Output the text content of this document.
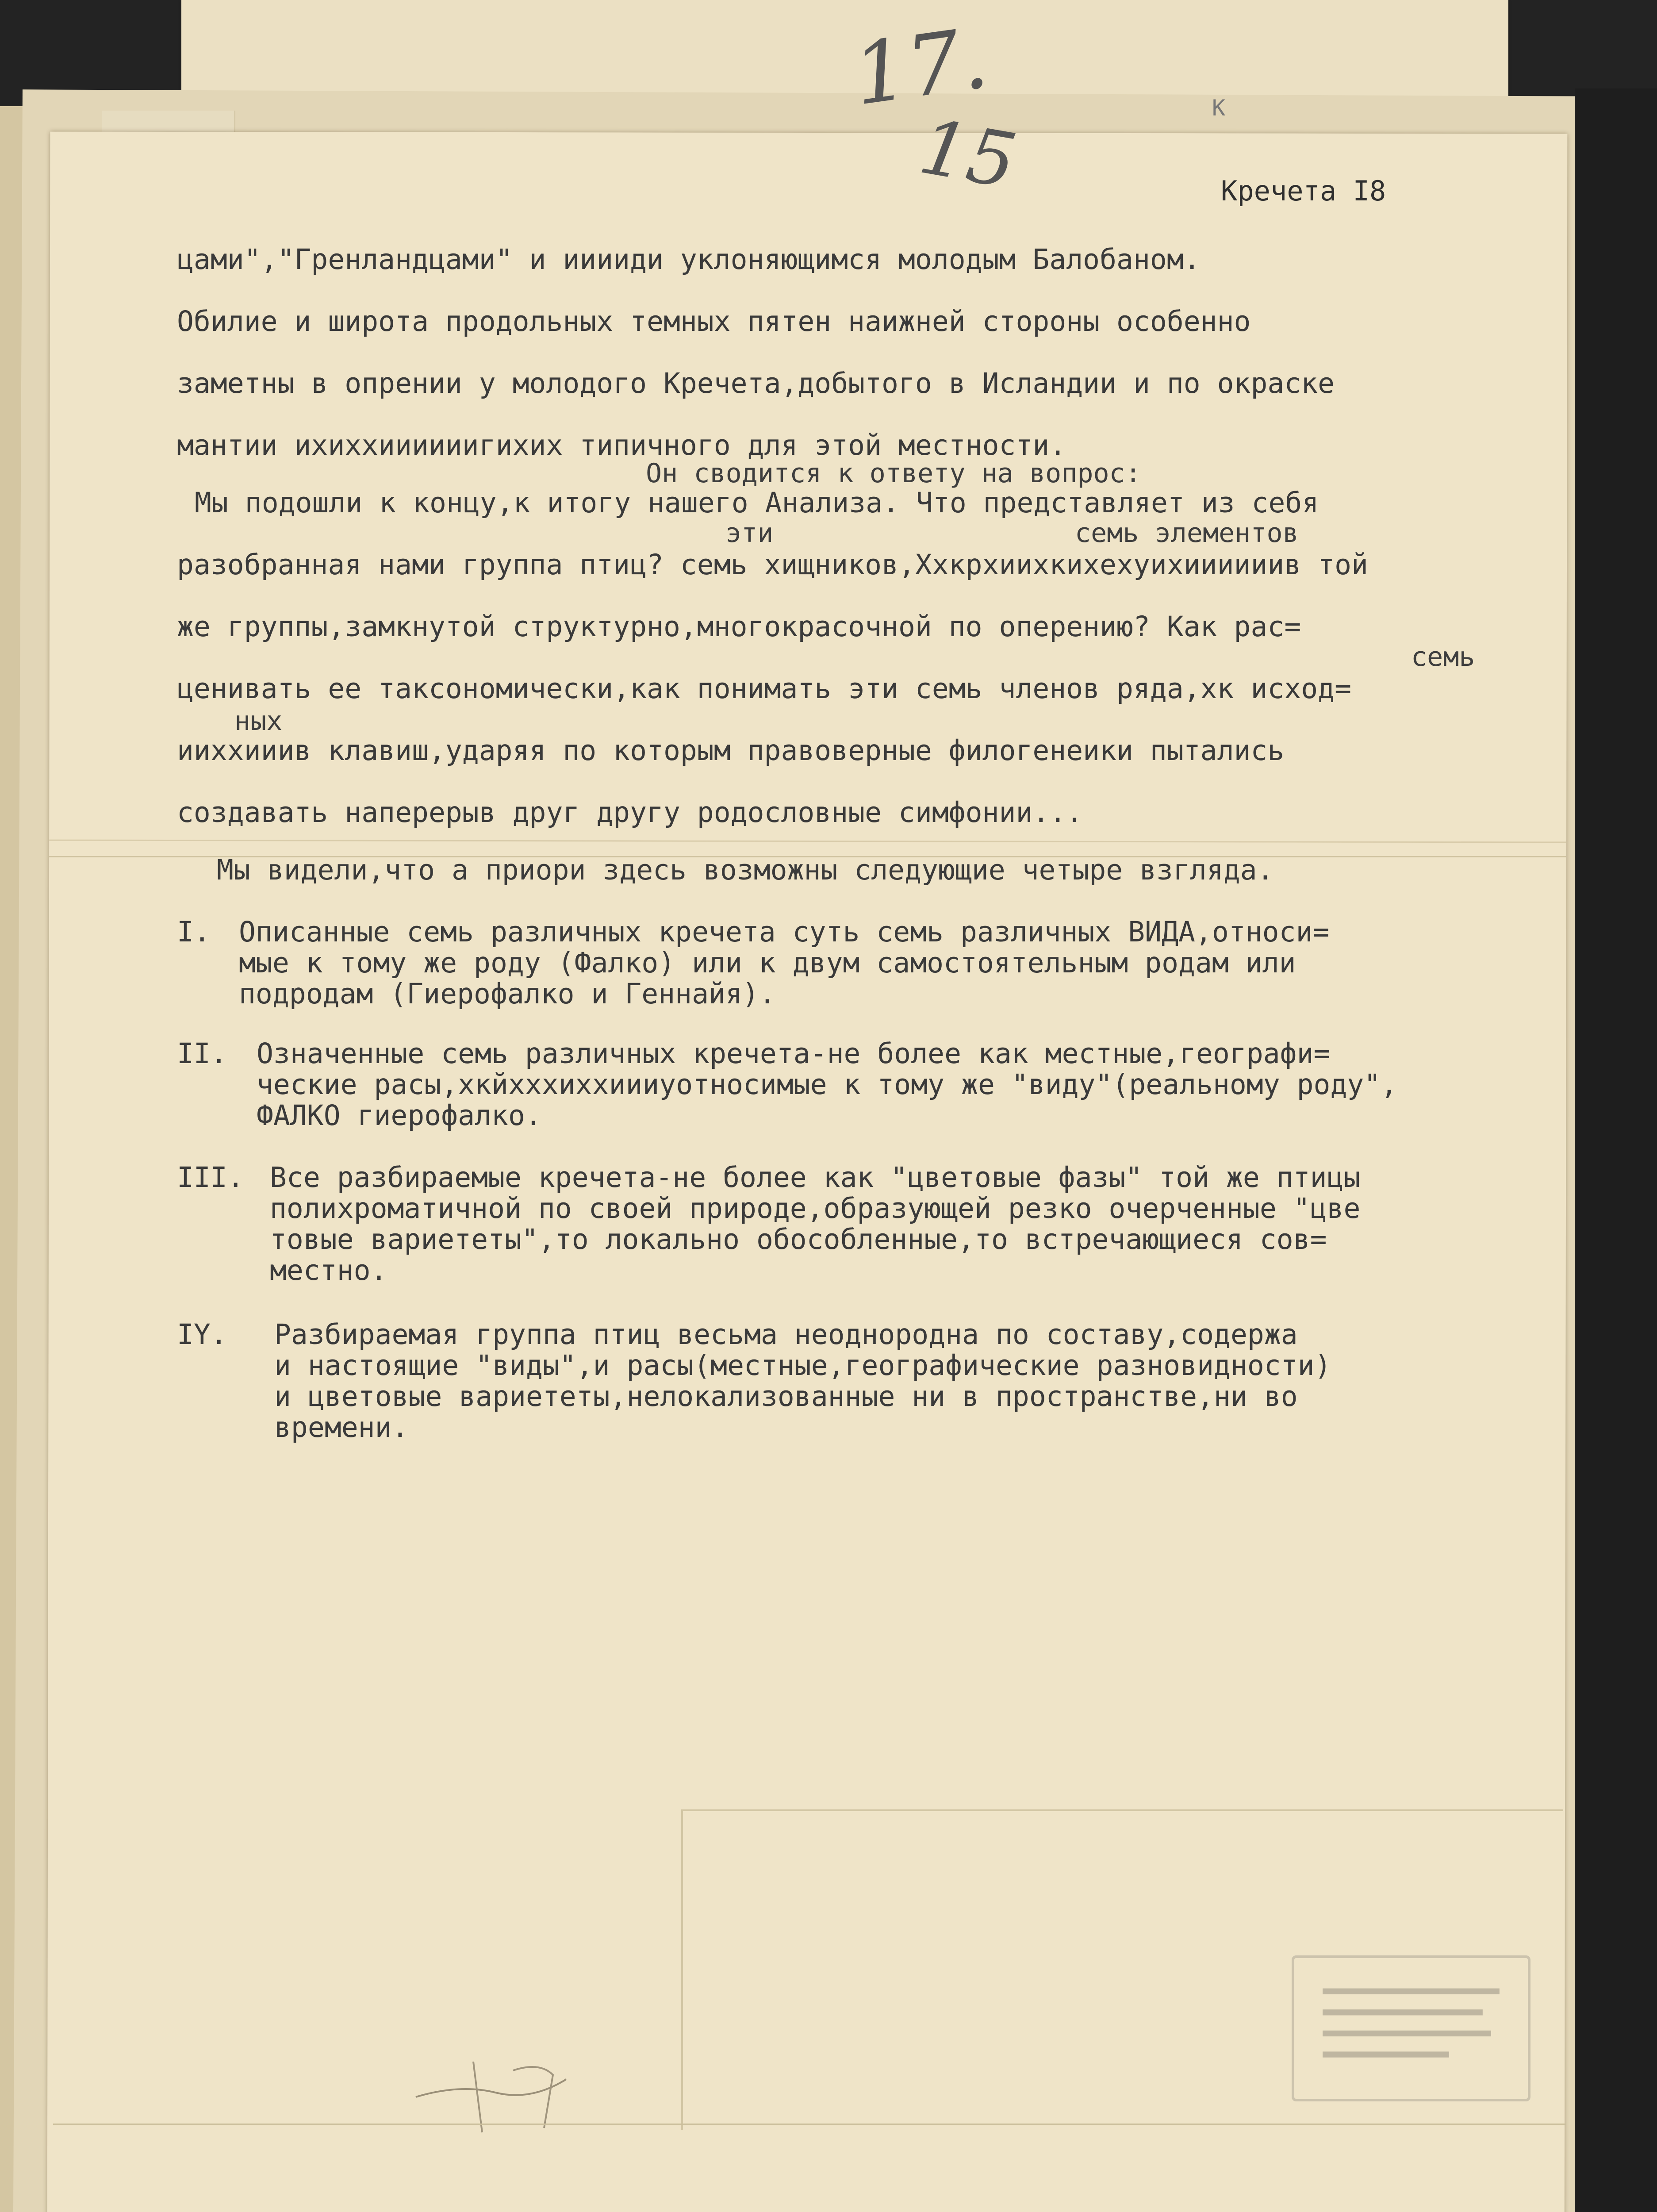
17.	К
15	Кречета I8

цами","Гренландцами" и ииииди уклоняющимся молодым Балобаном.

Обилие и широта продольных темных пятен наижней стороны особенно

заметны в опрении у молодого Кречета,добытого в Исландии и по окраске

мантии ихиххиииииигихих типичного для этой местности.

Он сводится к ответу на вопрос:

Мы подошли к концу,к итогу нашего Анализа. Что представляет из себя

эти

	семь элементов

разобранная нами группа птиц? семь хищников,Ххкрхиихкихехуихиииииив той

же группы,замкнутой структурно,многокрасочной по оперению? Как рас=

семь

ценивать ее таксономически,как понимать эти семь членов ряда,хк исход=

ных

ииххииив клавиш,ударяя по которым правоверные филогенеики пытались

создавать наперерыв друг другу родословные симфонии...

Мы видели,что а приори здесь возможны следующие четыре взгляда.

I.

Описанные семь различных кречета суть семь различных ВИДА,относи=

мые к тому же роду (Фалко) или к двум самостоятельным родам или

подродам (Гиерофалко и Геннайя).

II.

Означенные семь различных кречета-не более как местные,географи=

ческие расы,хкйхххиххиииуотносимые к тому же "виду"(реальному роду",

ФАЛКО гиерофалко.

III.

Все разбираемые кречета-не более как "цветовые фазы" той же птицы

полихроматичной по своей природе,образующей резко очерченные "цве

товые вариететы",то локально обособленные,то встречающиеся сов=

местно.

IY.

Разбираемая группа птиц весьма неоднородна по составу,содержа

и настоящие "виды",и расы(местные,географические разновидности)

и цветовые вариететы,нелокализованные ни в пространстве,ни во

времени.
